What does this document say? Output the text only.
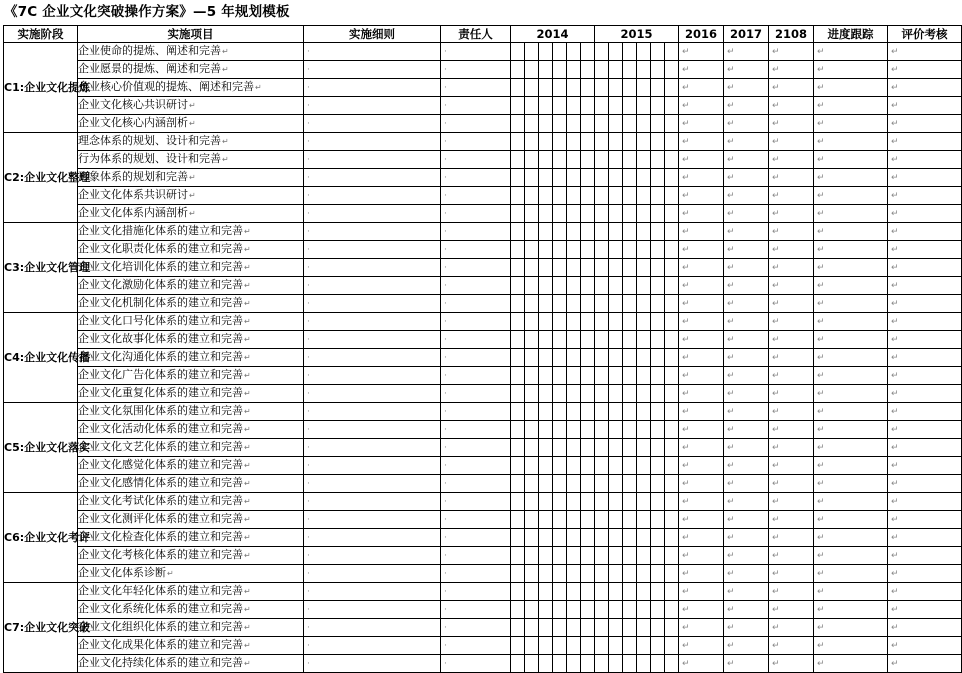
《7C 企业文化突破操作方案》—5 年规划模板
实施阶段	实施项目	实施细则	责任人	2014						2015						2016	2017	2108	进度跟踪	评价考核
C1:企业文化提炼	企业使命的提炼、阐述和完善↵	·	·													↵	↵	↵	↵	↵
	企业愿景的提炼、阐述和完善↵	·	·													↵	↵	↵	↵	↵
	企业核心价值观的提炼、阐述和完善↵	·	·													↵	↵	↵	↵	↵
	企业文化核心共识研讨↵	·	·													↵	↵	↵	↵	↵
	企业文化核心内涵剖析↵	·	·													↵	↵	↵	↵	↵
C2:企业文化整理	理念体系的规划、设计和完善↵	·	·													↵	↵	↵	↵	↵
	行为体系的规划、设计和完善↵	·	·													↵	↵	↵	↵	↵
	形象体系的规划和完善↵	·	·													↵	↵	↵	↵	↵
	企业文化体系共识研讨↵	·	·													↵	↵	↵	↵	↵
	企业文化体系内涵剖析↵	·	·													↵	↵	↵	↵	↵
C3:企业文化管理	企业文化措施化体系的建立和完善↵	·	·													↵	↵	↵	↵	↵
	企业文化职责化体系的建立和完善↵	·	·													↵	↵	↵	↵	↵
	企业文化培训化体系的建立和完善↵	·	·													↵	↵	↵	↵	↵
	企业文化激励化体系的建立和完善↵	·	·													↵	↵	↵	↵	↵
	企业文化机制化体系的建立和完善↵	·	·													↵	↵	↵	↵	↵
C4:企业文化传播	企业文化口号化体系的建立和完善↵	·	·													↵	↵	↵	↵	↵
	企业文化故事化体系的建立和完善↵	·	·													↵	↵	↵	↵	↵
	企业文化沟通化体系的建立和完善↵	·	·													↵	↵	↵	↵	↵
	企业文化广告化体系的建立和完善↵	·	·													↵	↵	↵	↵	↵
	企业文化重复化体系的建立和完善↵	·	·													↵	↵	↵	↵	↵
C5:企业文化落实	企业文化氛围化体系的建立和完善↵	·	·													↵	↵	↵	↵	↵
	企业文化活动化体系的建立和完善↵	·	·													↵	↵	↵	↵	↵
	企业文化文艺化体系的建立和完善↵	·	·													↵	↵	↵	↵	↵
	企业文化感觉化体系的建立和完善↵	·	·													↵	↵	↵	↵	↵
	企业文化感情化体系的建立和完善↵	·	·													↵	↵	↵	↵	↵
C6:企业文化考评	企业文化考试化体系的建立和完善↵	·	·													↵	↵	↵	↵	↵
	企业文化测评化体系的建立和完善↵	·	·													↵	↵	↵	↵	↵
	企业文化检查化体系的建立和完善↵	·	·													↵	↵	↵	↵	↵
	企业文化考核化体系的建立和完善↵	·	·													↵	↵	↵	↵	↵
	企业文化体系诊断↵	·	·													↵	↵	↵	↵	↵
C7:企业文化突破	企业文化年轻化体系的建立和完善↵	·	·													↵	↵	↵	↵	↵
	企业文化系统化体系的建立和完善↵	·	·													↵	↵	↵	↵	↵
	企业文化组织化体系的建立和完善↵	·	·													↵	↵	↵	↵	↵
	企业文化成果化体系的建立和完善↵	·	·													↵	↵	↵	↵	↵
	企业文化持续化体系的建立和完善↵	·	·													↵	↵	↵	↵	↵
